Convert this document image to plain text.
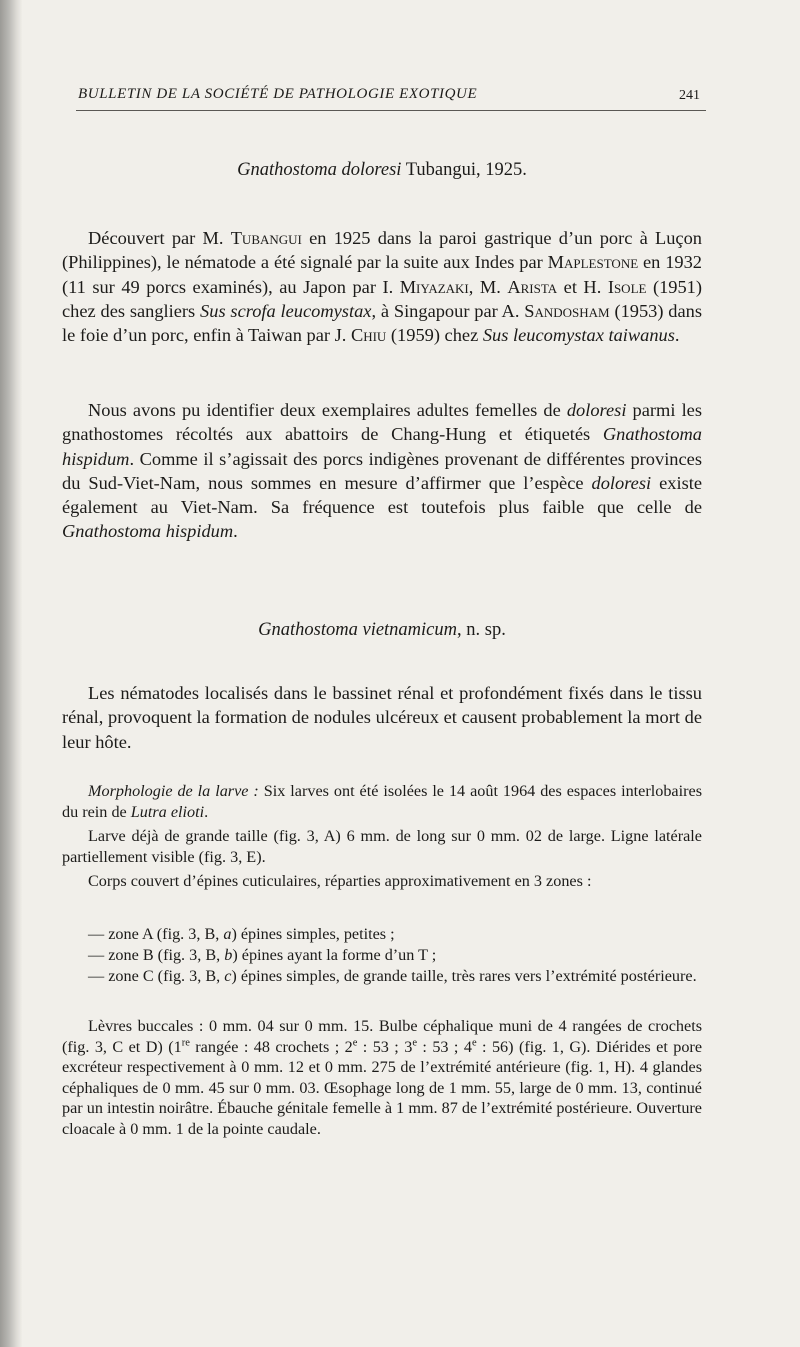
BULLETIN DE LA SOCIÉTÉ DE PATHOLOGIE EXOTIQUE	241
Gnathostoma doloresi Tubangui, 1925.
Découvert par M. Tubangui en 1925 dans la paroi gastrique d’un porc à Luçon (Philippines), le nématode a été signalé par la suite aux Indes par Maplestone en 1932 (11 sur 49 porcs examinés), au Japon par I. Miyazaki, M. Arista et H. Isole (1951) chez des sangliers Sus scrofa leucomystax, à Singapour par A. Sandosham (1953) dans le foie d’un porc, enfin à Taiwan par J. Chiu (1959) chez Sus leucomystax taiwanus.
Nous avons pu identifier deux exemplaires adultes femelles de doloresi parmi les gnathostomes récoltés aux abattoirs de Chang-Hung et étiquetés Gnathostoma hispidum. Comme il s’agissait des porcs indigènes provenant de différentes provinces du Sud-Viet-Nam, nous sommes en mesure d’affirmer que l’espèce doloresi existe également au Viet-Nam. Sa fréquence est toutefois plus faible que celle de Gnathostoma hispidum.
Gnathostoma vietnamicum, n. sp.
Les nématodes localisés dans le bassinet rénal et profondément fixés dans le tissu rénal, provoquent la formation de nodules ulcéreux et causent probablement la mort de leur hôte.
Morphologie de la larve : Six larves ont été isolées le 14 août 1964 des espaces interlobaires du rein de Lutra elioti.
Larve déjà de grande taille (fig. 3, A) 6 mm. de long sur 0 mm. 02 de large. Ligne latérale partiellement visible (fig. 3, E).
Corps couvert d’épines cuticulaires, réparties approximativement en 3 zones :
— zone A (fig. 3, B, a) épines simples, petites ;
— zone B (fig. 3, B, b) épines ayant la forme d’un T ;
— zone C (fig. 3, B, c) épines simples, de grande taille, très rares vers l’extrémité postérieure.
Lèvres buccales : 0 mm. 04 sur 0 mm. 15. Bulbe céphalique muni de 4 rangées de crochets (fig. 3, C et D) (1re rangée : 48 crochets ; 2e : 53 ; 3e : 53 ; 4e : 56) (fig. 1, G). Diérides et pore excréteur respectivement à 0 mm. 12 et 0 mm. 275 de l’extrémité antérieure (fig. 1, H). 4 glandes céphaliques de 0 mm. 45 sur 0 mm. 03. Œsophage long de 1 mm. 55, large de 0 mm. 13, continué par un intestin noirâtre. Ébauche génitale femelle à 1 mm. 87 de l’extrémité postérieure. Ouverture cloacale à 0 mm. 1 de la pointe caudale.
